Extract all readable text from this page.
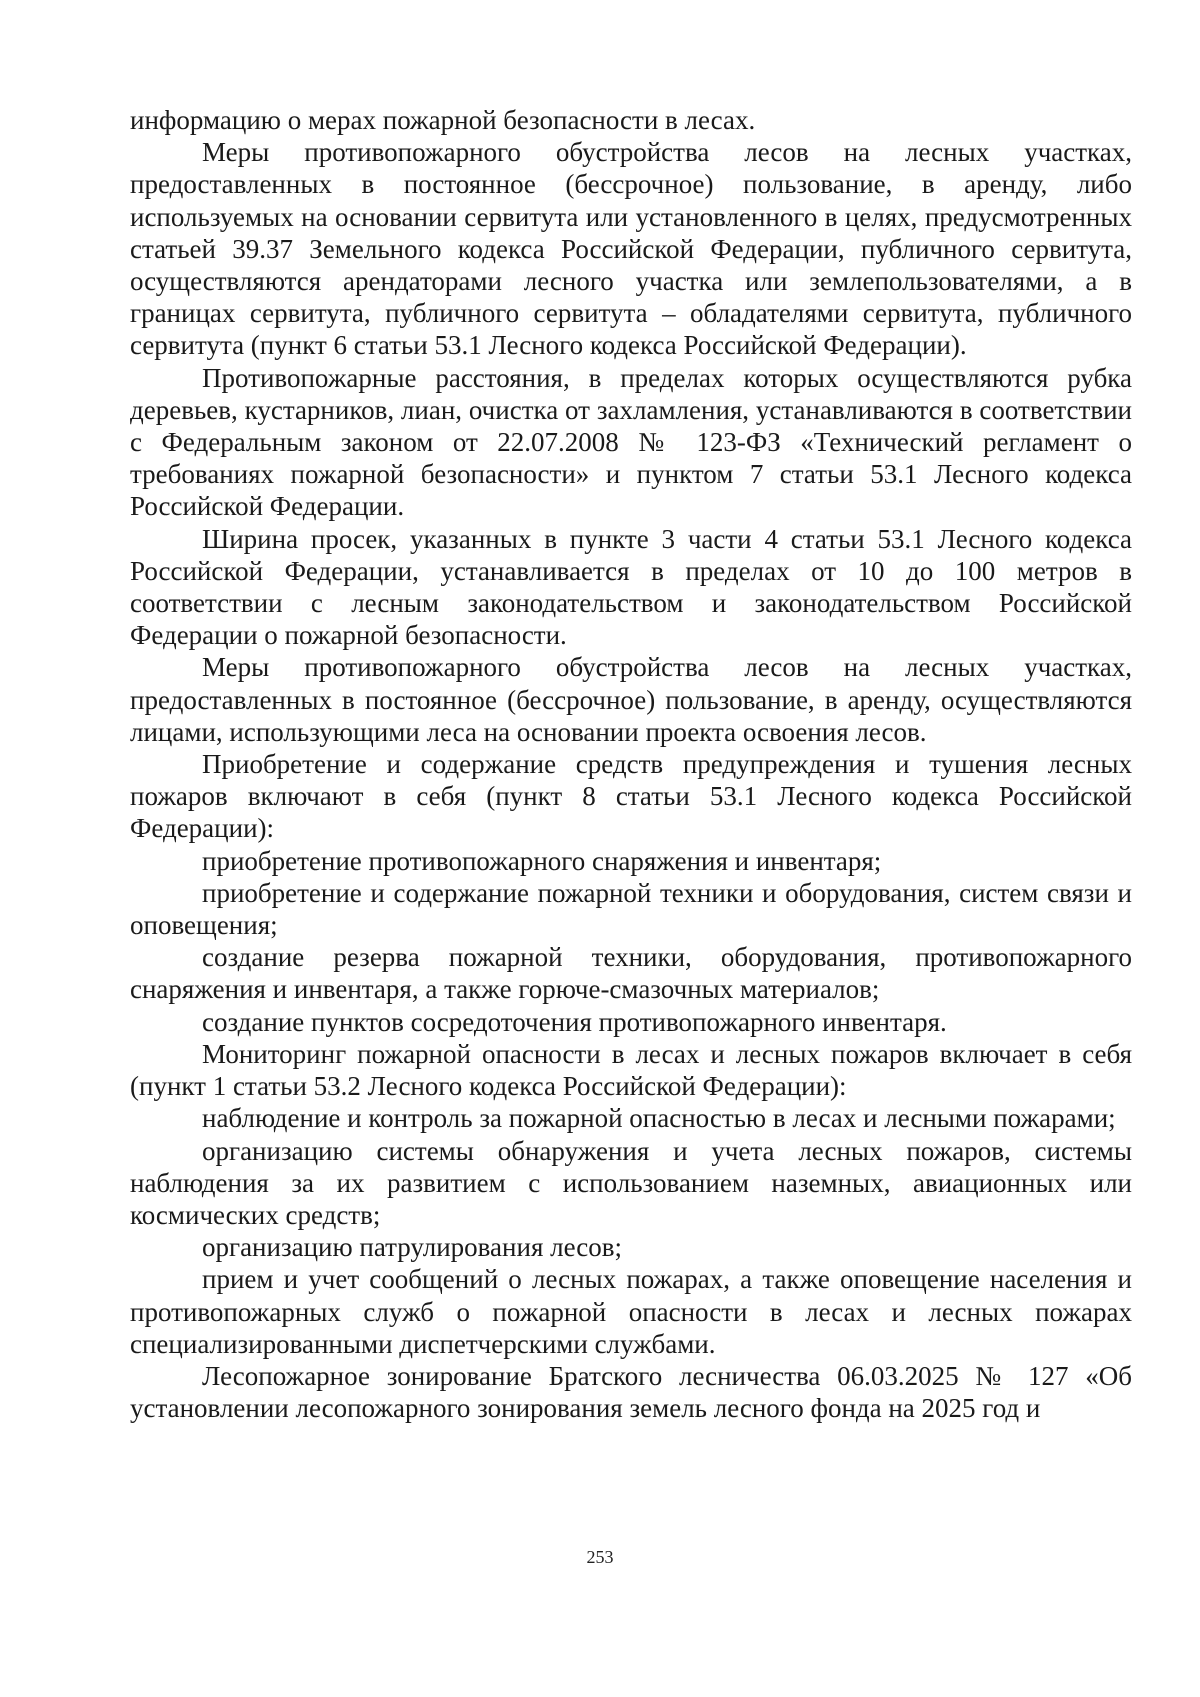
информацию о мерах пожарной безопасности в лесах.

Меры противопожарного обустройства лесов на лесных участках, предоставленных в постоянное (бессрочное) пользование, в аренду, либо используемых на основании сервитута или установленного в целях, предусмотренных статьей 39.37 Земельного кодекса Российской Федерации, публичного сервитута, осуществляются арендаторами лесного участка или землепользователями, а в границах сервитута, публичного сервитута – обладателями сервитута, публичного сервитута (пункт 6 статьи 53.1 Лесного кодекса Российской Федерации).

Противопожарные расстояния, в пределах которых осуществляются рубка деревьев, кустарников, лиан, очистка от захламления, устанавливаются в соответствии с Федеральным законом от 22.07.2008 № 123-ФЗ «Технический регламент о требованиях пожарной безопасности» и пунктом 7 статьи 53.1 Лесного кодекса Российской Федерации.

Ширина просек, указанных в пункте 3 части 4 статьи 53.1 Лесного кодекса Российской Федерации, устанавливается в пределах от 10 до 100 метров в соответствии с лесным законодательством и законодательством Российской Федерации о пожарной безопасности.

Меры противопожарного обустройства лесов на лесных участках, предоставленных в постоянное (бессрочное) пользование, в аренду, осуществляются лицами, использующими леса на основании проекта освоения лесов.

Приобретение и содержание средств предупреждения и тушения лесных пожаров включают в себя (пункт 8 статьи 53.1 Лесного кодекса Российской Федерации):

приобретение противопожарного снаряжения и инвентаря;

приобретение и содержание пожарной техники и оборудования, систем связи и оповещения;

создание резерва пожарной техники, оборудования, противопожарного снаряжения и инвентаря, а также горюче-смазочных материалов;

создание пунктов сосредоточения противопожарного инвентаря.

Мониторинг пожарной опасности в лесах и лесных пожаров включает в себя (пункт 1 статьи 53.2 Лесного кодекса Российской Федерации):

наблюдение и контроль за пожарной опасностью в лесах и лесными пожарами;

организацию системы обнаружения и учета лесных пожаров, системы наблюдения за их развитием с использованием наземных, авиационных или космических средств;

организацию патрулирования лесов;

прием и учет сообщений о лесных пожарах, а также оповещение населения и противопожарных служб о пожарной опасности в лесах и лесных пожарах специализированными диспетчерскими службами.

Лесопожарное зонирование Братского лесничества 06.03.2025 № 127 «Об установлении лесопожарного зонирования земель лесного фонда на 2025 год и

253
